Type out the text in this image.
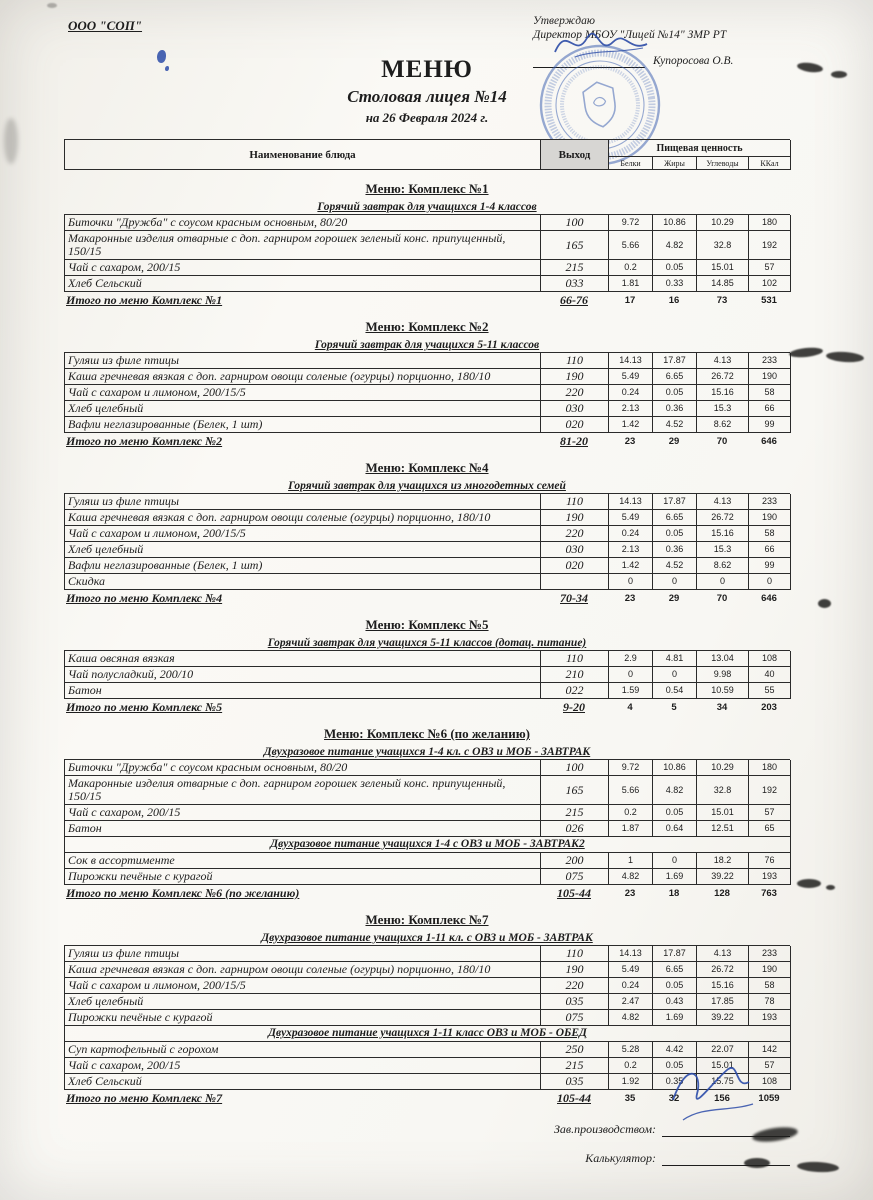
ООО "СОП"	Утверждаю
Директор МБОУ "Лицей №14" ЗМР РТ
Купоросова О.В.
МЕНЮ
Столовая лицея №14
на 26 Февраля 2024 г.
Наименование блюда	Выход
Пищевая ценность
Белки	Жиры	Углеводы	ККал
Меню: Комплекс №1
Горячий завтрак для учащихся 1-4 классов
Биточки "Дружба" с соусом красным основным, 80/20	100	9.72	10.86	10.29	180
Макаронные изделия отварные с доп. гарниром горошек зеленый конс. припущенный, 150/15	165	5.66	4.82	32.8	192
Чай с сахаром, 200/15	215	0.2	0.05	15.01	57
Хлеб Сельский	033	1.81	0.33	14.85	102
Итого по меню Комплекс №1	66-76	17	16	73	531
Меню: Комплекс №2
Горячий завтрак для учащихся 5-11 классов
Гуляш из филе птицы	110	14.13	17.87	4.13	233
Каша гречневая вязкая с доп. гарниром овощи соленые (огурцы) порционно, 180/10	190	5.49	6.65	26.72	190
Чай с сахаром и лимоном, 200/15/5	220	0.24	0.05	15.16	58
Хлеб целебный	030	2.13	0.36	15.3	66
Вафли неглазированные (Белек, 1 шт)	020	1.42	4.52	8.62	99
Итого по меню Комплекс №2	81-20	23	29	70	646
Меню: Комплекс №4
Горячий завтрак для учащихся из многодетных семей
Гуляш из филе птицы	110	14.13	17.87	4.13	233
Каша гречневая вязкая с доп. гарниром овощи соленые (огурцы) порционно, 180/10	190	5.49	6.65	26.72	190
Чай с сахаром и лимоном, 200/15/5	220	0.24	0.05	15.16	58
Хлеб целебный	030	2.13	0.36	15.3	66
Вафли неглазированные (Белек, 1 шт)	020	1.42	4.52	8.62	99
Скидка	0	0	0	0
Итого по меню Комплекс №4	70-34	23	29	70	646
Меню: Комплекс №5
Горячий завтрак для учащихся 5-11 классов (дотац. питание)
Каша овсяная вязкая	110	2.9	4.81	13.04	108
Чай полусладкий, 200/10	210	0	0	9.98	40
Батон	022	1.59	0.54	10.59	55
Итого по меню Комплекс №5	9-20	4	5	34	203
Меню: Комплекс №6 (по желанию)
Двухразовое питание учащихся 1-4 кл. с ОВЗ и МОБ - ЗАВТРАК
Биточки "Дружба" с соусом красным основным, 80/20	100	9.72	10.86	10.29	180
Макаронные изделия отварные с доп. гарниром горошек зеленый конс. припущенный, 150/15	165	5.66	4.82	32.8	192
Чай с сахаром, 200/15	215	0.2	0.05	15.01	57
Батон	026	1.87	0.64	12.51	65
Двухразовое питание учащихся 1-4 с ОВЗ и МОБ - ЗАВТРАК2
Сок в ассортименте	200	1	0	18.2	76
Пирожки печёные с курагой	075	4.82	1.69	39.22	193
Итого по меню Комплекс №6 (по желанию)	105-44	23	18	128	763
Меню: Комплекс №7
Двухразовое питание учащихся 1-11 кл. с ОВЗ и МОБ - ЗАВТРАК
Гуляш из филе птицы	110	14.13	17.87	4.13	233
Каша гречневая вязкая с доп. гарниром овощи соленые (огурцы) порционно, 180/10	190	5.49	6.65	26.72	190
Чай с сахаром и лимоном, 200/15/5	220	0.24	0.05	15.16	58
Хлеб целебный	035	2.47	0.43	17.85	78
Пирожки печёные с курагой	075	4.82	1.69	39.22	193
Двухразовое питание учащихся 1-11 класс ОВЗ и МОБ - ОБЕД
Суп картофельный с горохом	250	5.28	4.42	22.07	142
Чай с сахаром, 200/15	215	0.2	0.05	15.01	57
Хлеб Сельский	035	1.92	0.35	15.75	108
Итого по меню Комплекс №7	105-44	35	32	156	1059
Зав.производством:
Калькулятор:
